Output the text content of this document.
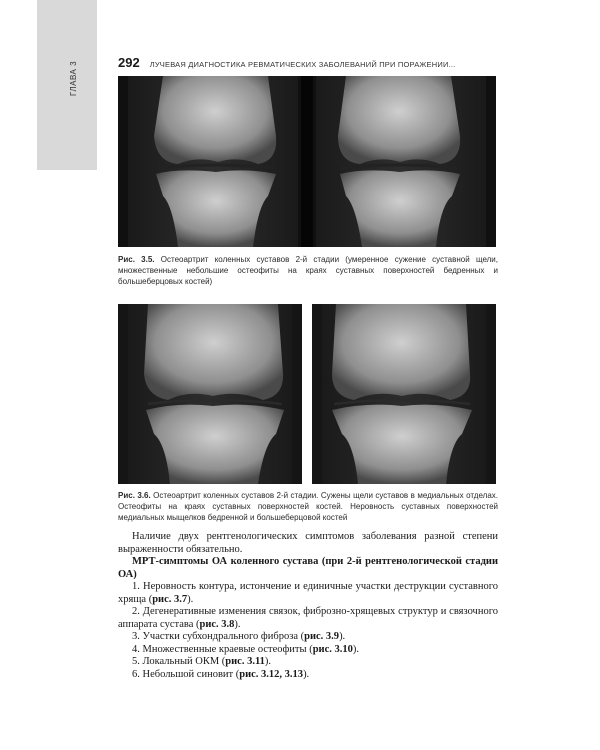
ГЛАВА 3	292 ЛУЧЕВАЯ ДИАГНОСТИКА РЕВМАТИЧЕСКИХ ЗАБОЛЕВАНИЙ ПРИ ПОРАЖЕНИИ...
Рис. 3.5. Остеоартрит коленных суставов 2-й стадии (умеренное сужение суставной щели, множественные небольшие остеофиты на краях суставных поверхностей бедренных и большеберцовых костей)
Рис. 3.6. Остеоартрит коленных суставов 2-й стадии. Сужены щели суставов в медиальных отделах. Остеофиты на краях суставных поверхностей костей. Неровность суставных поверхностей медиальных мыщелков бедренной и большеберцовой костей

Наличие двух рентгенологических симптомов заболевания разной степени выраженности обязательно.

МРТ-симптомы ОА коленного сустава (при 2-й рентгенологической стадии ОА)

1. Неровность контура, истончение и единичные участки деструкции суставного хряща (рис. 3.7).

2. Дегенеративные изменения связок, фиброзно-хрящевых структур и связочного аппарата сустава (рис. 3.8).

3. Участки субхондрального фиброза (рис. 3.9).

4. Множественные краевые остеофиты (рис. 3.10).

5. Локальный ОКМ (рис. 3.11).

6. Небольшой синовит (рис. 3.12, 3.13).
